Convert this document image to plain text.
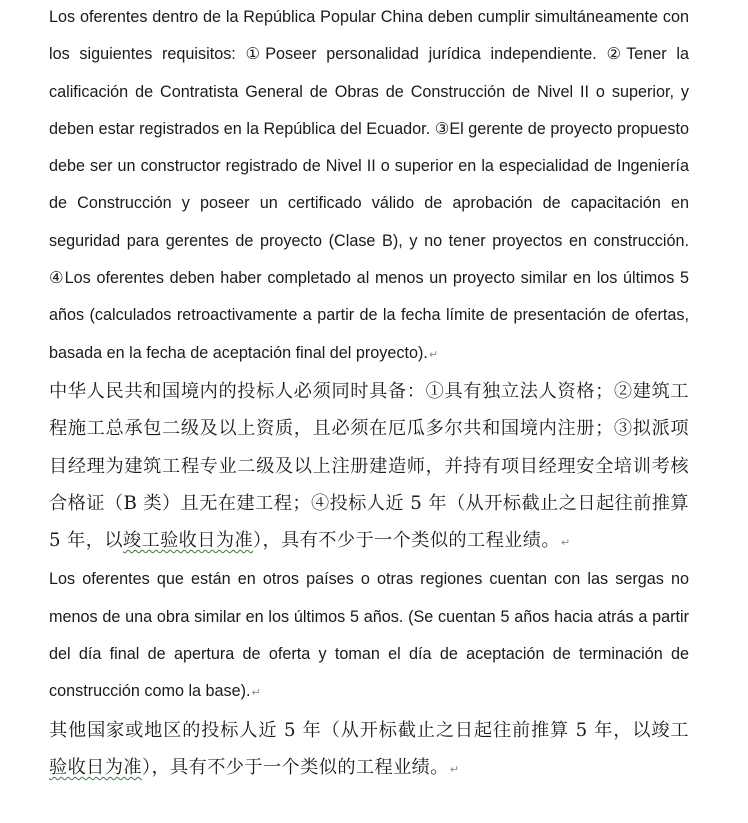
Los oferentes dentro de la República Popular China deben cumplir simultáneamente con los siguientes requisitos: ①Poseer personalidad jurídica independiente. ②Tener la calificación de Contratista General de Obras de Construcción de Nivel II o superior, y deben estar registrados en la República del Ecuador. ③El gerente de proyecto propuesto debe ser un constructor registrado de Nivel II o superior en la especialidad de Ingeniería de Construcción y poseer un certificado válido de aprobación de capacitación en seguridad para gerentes de proyecto (Clase B), y no tener proyectos en construcción. ④Los oferentes deben haber completado al menos un proyecto similar en los últimos 5 años (calculados retroactivamente a partir de la fecha límite de presentación de ofertas, basada en la fecha de aceptación final del proyecto).↵

中华人民共和国境内的投标人必须同时具备：①具有独立法人资格；②建筑工程施工总承包二级及以上资质，且必须在厄瓜多尔共和国境内注册；③拟派项目经理为建筑工程专业二级及以上注册建造师，并持有项目经理安全培训考核合格证（B 类）且无在建工程；④投标人近 5 年（从开标截止之日起往前推算 5 年，以竣工验收日为准），具有不少于一个类似的工程业绩。↵

Los oferentes que están en otros países o otras regiones cuentan con las sergas no menos de una obra similar en los últimos 5 años. (Se cuentan 5 años hacia atrás a partir del día final de apertura de oferta y toman el día de aceptación de terminación de construcción como la base).↵

其他国家或地区的投标人近 5 年（从开标截止之日起往前推算 5 年，以竣工验收日为准），具有不少于一个类似的工程业绩。↵
